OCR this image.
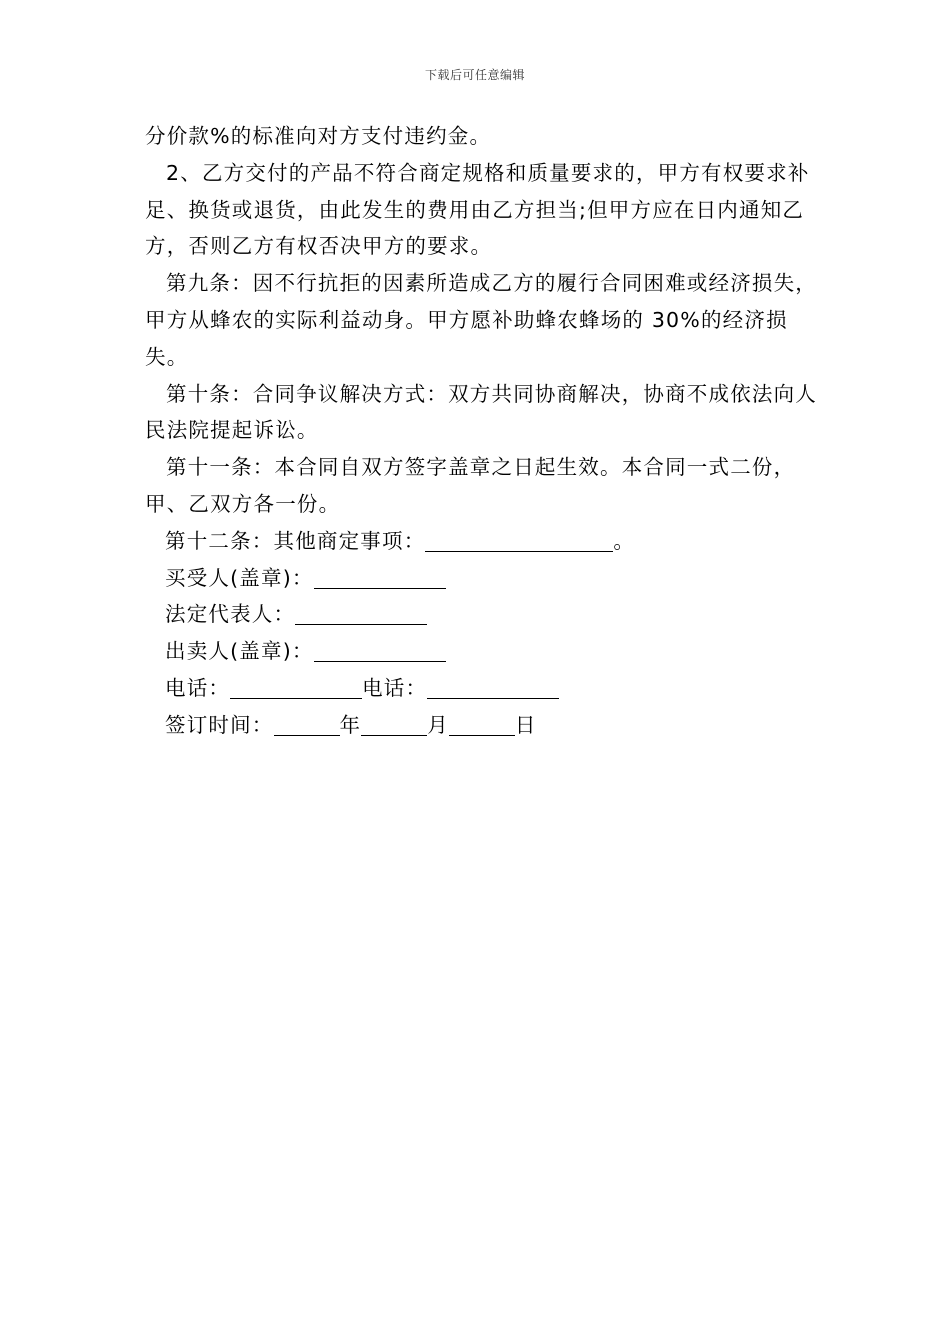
下载后可任意编辑

分价款%的标准向对方支付违约金。

2、乙方交付的产品不符合商定规格和质量要求的，甲方有权要求补足、换货或退货，由此发生的费用由乙方担当;但甲方应在日内通知乙方，否则乙方有权否决甲方的要求。

第九条：因不行抗拒的因素所造成乙方的履行合同困难或经济损失，甲方从蜂农的实际利益动身。甲方愿补助蜂农蜂场的 30%的经济损失。

第十条：合同争议解决方式：双方共同协商解决，协商不成依法向人民法院提起诉讼。

第十一条：本合同自双方签字盖章之日起生效。本合同一式二份，甲、乙双方各一份。

第十二条：其他商定事项：	。

买受人(盖章)：

法定代表人：

出卖人(盖章)：

电话：	电话：

签订时间：	年	月	日
